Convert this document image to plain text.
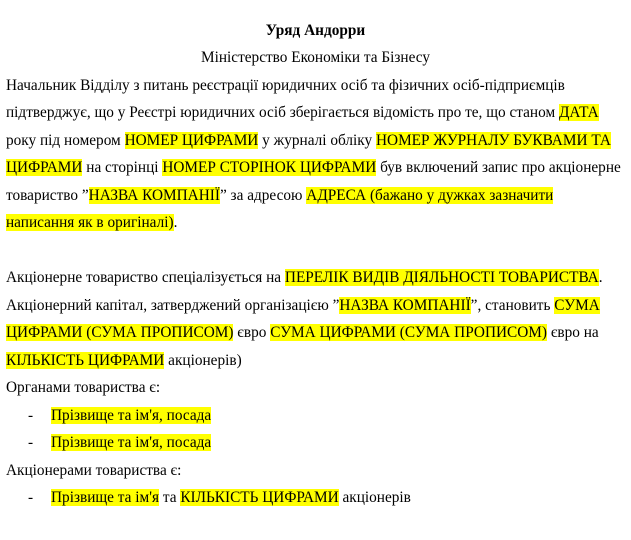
Уряд Андорри

Міністерство Економіки та Бізнесу

Начальник Відділу з питань реєстрації юридичних осіб та фізичних осіб-підприємців підтверджує, що у Реєстрі юридичних осіб зберігається відомість про те, що станом ДАТА року під номером НОМЕР ЦИФРАМИ у журналі обліку НОМЕР ЖУРНАЛУ БУКВАМИ ТА ЦИФРАМИ на сторінці НОМЕР СТОРІНОК ЦИФРАМИ був включений запис про акціонерне товариство ”НАЗВА КОМПАНІЇ” за адресою АДРЕСА (бажано у дужках зазначити написання як в оригіналі).

Акціонерне товариство спеціалізується на ПЕРЕЛІК ВИДІВ ДІЯЛЬНОСТІ ТОВАРИСТВА.

Акціонерний капітал, затверджений організацією ”НАЗВА КОМПАНІЇ”, становить СУМА ЦИФРАМИ (СУМА ПРОПИСОМ) євро СУМА ЦИФРАМИ (СУМА ПРОПИСОМ) євро на КІЛЬКІСТЬ ЦИФРАМИ акціонерів)

Органами товариства є:

- Прізвище та ім'я, посада

- Прізвище та ім'я, посада

Акціонерами товариства є:

- Прізвище та ім'я та КІЛЬКІСТЬ ЦИФРАМИ акціонерів
